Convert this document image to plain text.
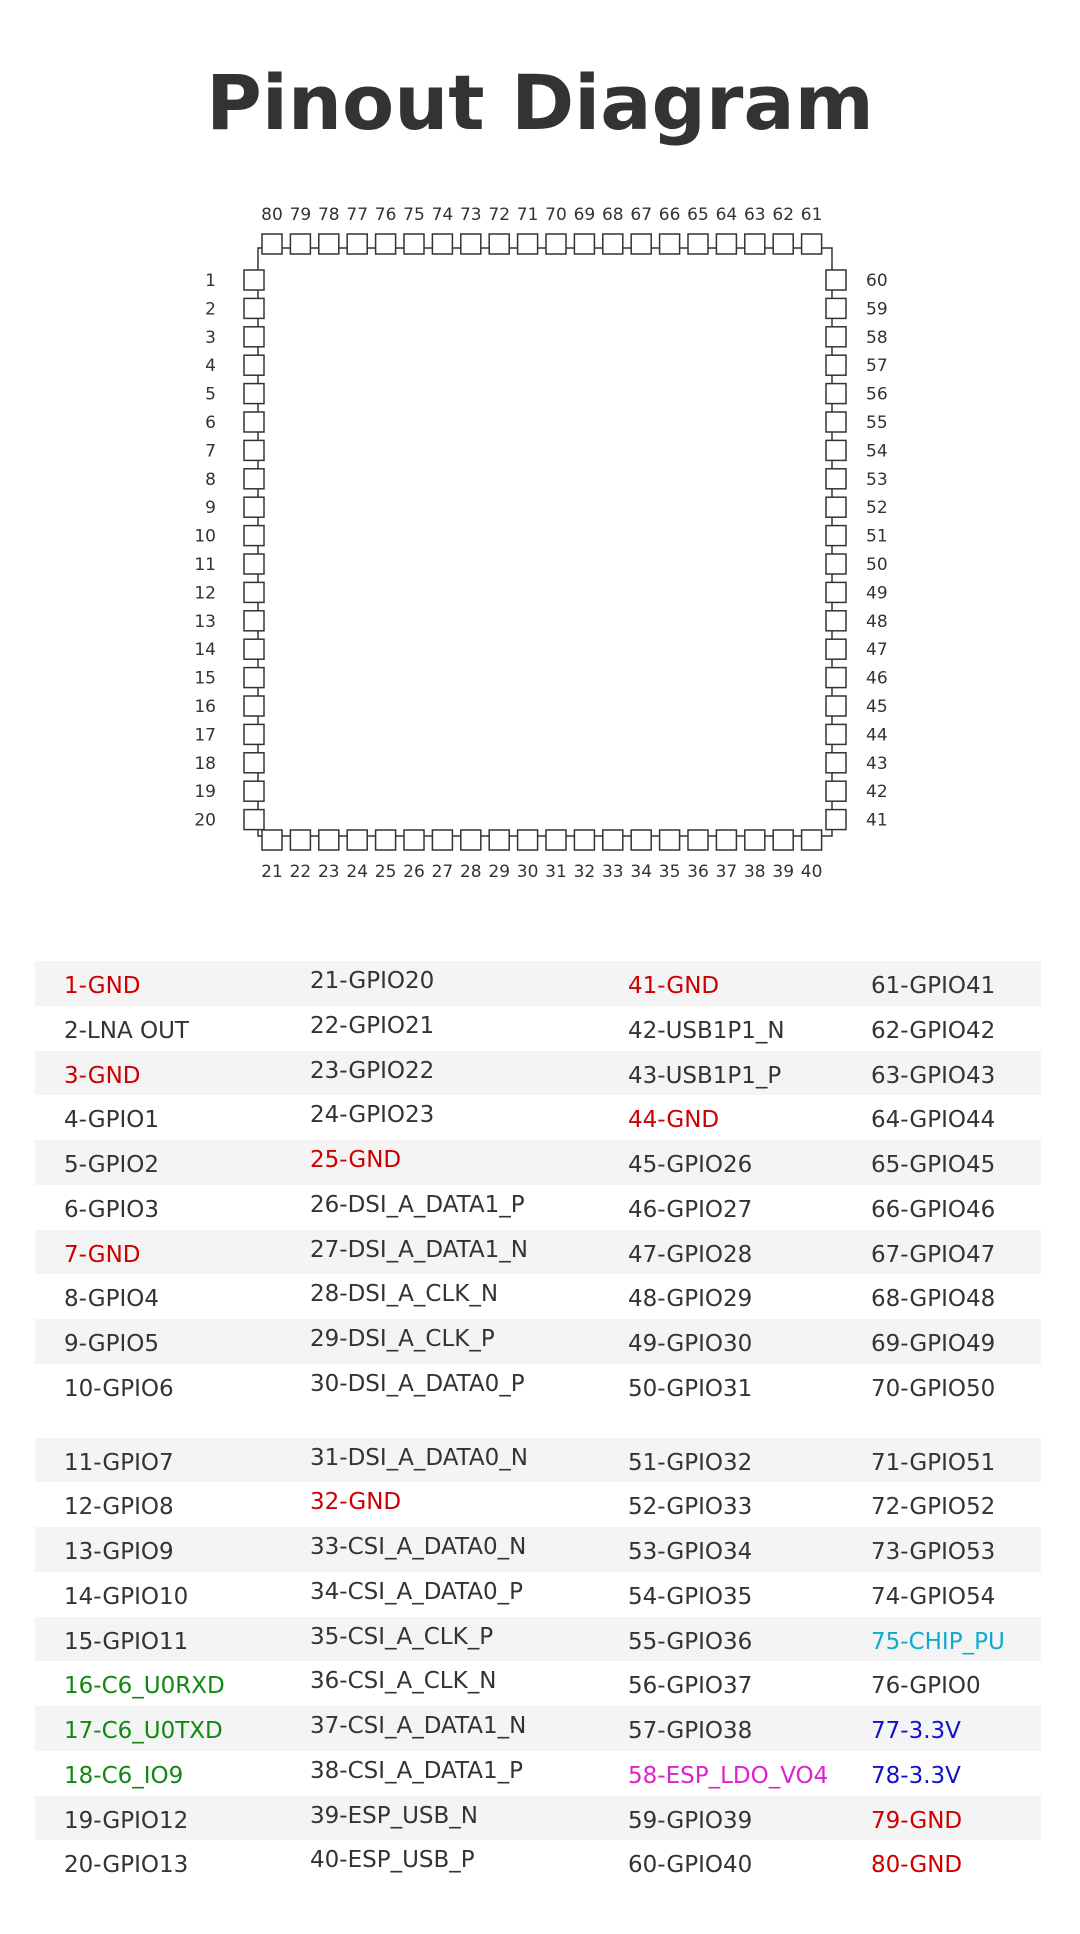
Pinout Diagram
1
2
3
4
5
6
7
8
9
10
11
12
13
14
15
16
17
18
19
20	41
42
43
44
45
46
47
48
49
50
51
52
53
54
55
56
57
58
59
60
21 22 23 24 25 26 27 28 29 30 31 32 33 34 35 36 37 38 39 40
61
62
63
64
65
66
67
68
69
70
71
72
73
74
75
76
77
78
79
80
1-GND	21-GPIO20	41-GND	61-GPIO41
2-LNA OUT	22-GPIO21	42-USB1P1_N	62-GPIO42
3-GND	23-GPIO22	43-USB1P1_P	63-GPIO43
4-GPIO1	24-GPIO23	44-GND	64-GPIO44
5-GPIO2	25-GND	45-GPIO26	65-GPIO45
6-GPIO3	26-DSI_A_DATA1_P	46-GPIO27	66-GPIO46
7-GND	27-DSI_A_DATA1_N	47-GPIO28	67-GPIO47
8-GPIO4	28-DSI_A_CLK_N	48-GPIO29	68-GPIO48
9-GPIO5	29-DSI_A_CLK_P	49-GPIO30	69-GPIO49
10-GPIO6	30-DSI_A_DATA0_P	50-GPIO31	70-GPIO50
11-GPIO7	31-DSI_A_DATA0_N	51-GPIO32	71-GPIO51
12-GPIO8	32-GND	52-GPIO33	72-GPIO52
13-GPIO9	33-CSI_A_DATA0_N	53-GPIO34	73-GPIO53
14-GPIO10	34-CSI_A_DATA0_P	54-GPIO35	74-GPIO54
15-GPIO11	35-CSI_A_CLK_P	55-GPIO36	75-CHIP_PU
16-C6_U0RXD	36-CSI_A_CLK_N	56-GPIO37	76-GPIO0
17-C6_U0TXD	37-CSI_A_DATA1_N	57-GPIO38	77-3.3V
18-C6_IO9	38-CSI_A_DATA1_P	58-ESP_LDO_VO4 78-3.3V
19-GPIO12	39-ESP_USB_N	59-GPIO39	79-GND
20-GPIO13	40-ESP_USB_P	60-GPIO40	80-GND
